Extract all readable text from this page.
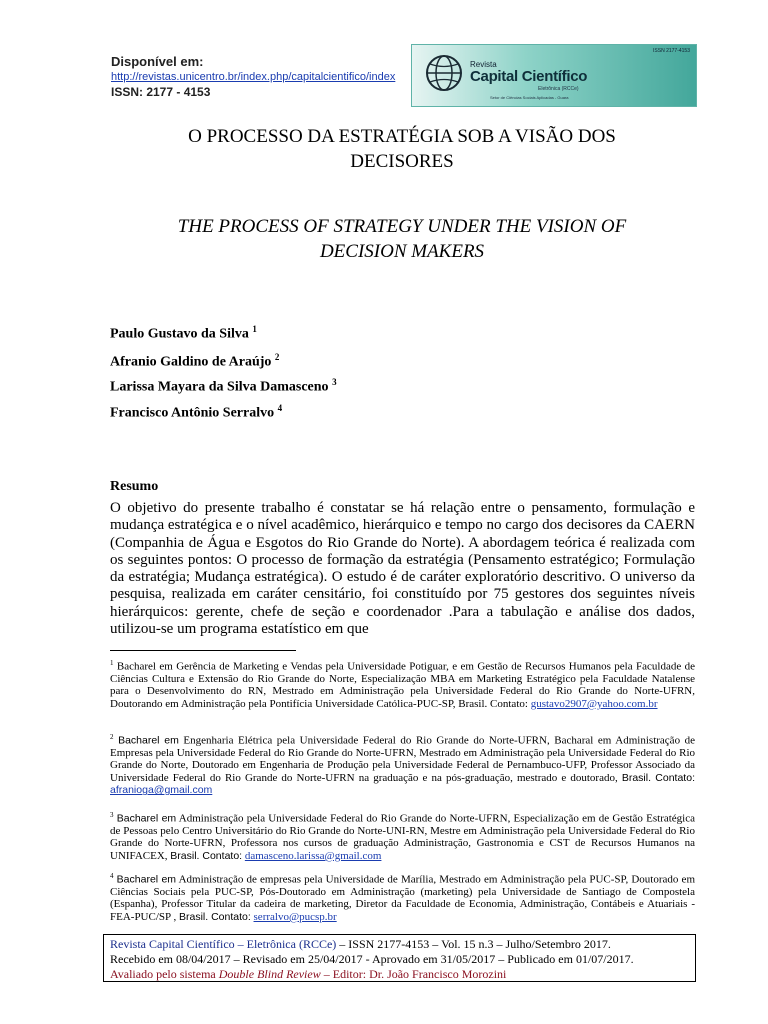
Disponível em:
http://revistas.unicentro.br/index.php/capitalcientifico/index
ISSN: 2177 - 4153
ISSN 2177-4153
Revista
Capital Científico
Eletrônica (RCCe)
Setor de Ciências Sociais Aplicadas - Guara
O PROCESSO DA ESTRATÉGIA SOB A VISÃO DOS
DECISORES
THE PROCESS OF STRATEGY UNDER THE VISION OF
DECISION MAKERS
Paulo Gustavo da Silva $^1$
Afranio Galdino de Araújo $^2$
Larissa Mayara da Silva Damasceno $^3$
Francisco Antônio Serralvo $^4$
Resumo

O objetivo do presente trabalho é constatar se há relação entre o pensamento, formulação e mudança estratégica e o nível acadêmico, hierárquico e tempo no cargo dos decisores da CAERN (Companhia de Água e Esgotos do Rio Grande do Norte). A abordagem teórica é realizada com os seguintes pontos: O processo de formação da estratégia (Pensamento estratégico; Formulação da estratégia; Mudança estratégica). O estudo é de caráter exploratório descritivo. O universo da pesquisa, realizada em caráter censitário, foi constituído por 75 gestores dos seguintes níveis hierárquicos: gerente, chefe de seção e coordenador .Para a tabulação e análise dos dados, utilizou-se um programa estatístico em que

$^1$ Bacharel em Gerência de Marketing e Vendas pela Universidade Potiguar, e em Gestão de Recursos Humanos pela Faculdade de Ciências Cultura e Extensão do Rio Grande do Norte, Especialização MBA em Marketing Estratégico pela Faculdade Natalense para o Desenvolvimento do RN, Mestrado em Administração pela Universidade Federal do Rio Grande do Norte-UFRN, Doutorando em Administração pela Pontifícia Universidade Católica-PUC-SP, Brasil. Contato: gustavo2907@yahoo.com.br

$^2$ Bacharel em Engenharia Elétrica pela Universidade Federal do Rio Grande do Norte-UFRN, Bacharal em Administração de Empresas pela Universidade Federal do Rio Grande do Norte-UFRN, Mestrado em Administração pela Universidade Federal do Rio Grande do Norte, Doutorado em Engenharia de Produção pela Universidade Federal de Pernambuco-UFP, Professor Associado da Universidade Federal do Rio Grande do Norte-UFRN na graduação e na pós-graduação, mestrado e doutorado, Brasil. Contato: afranioga@gmail.com

$^3$ Bacharel em Administração pela Universidade Federal do Rio Grande do Norte-UFRN, Especialização em de Gestão Estratégica de Pessoas pelo Centro Universitário do Rio Grande do Norte-UNI-RN, Mestre em Administração pela Universidade Federal do Rio Grande do Norte-UFRN, Professora nos cursos de graduação Administração, Gastronomia e CST de Recursos Humanos na UNIFACEX, Brasil. Contato: damasceno.larissa@gmail.com

$^4$ Bacharel em Administração de empresas pela Universidade de Marília, Mestrado em Administração pela PUC-SP, Doutorado em Ciências Sociais pela PUC-SP, Pós-Doutorado em Administração (marketing) pela Universidade de Santiago de Compostela (Espanha), Professor Titular da cadeira de marketing, Diretor da Faculdade de Economia, Administração, Contábeis e Atuariais - FEA-PUC/SP , Brasil. Contato: serralvo@pucsp.br

Revista Capital Científico – Eletrônica (RCCe) – ISSN 2177-4153 – Vol. 15 n.3 – Julho/Setembro 2017.
Recebido em 08/04/2017 – Revisado em 25/04/2017 - Aprovado em 31/05/2017 – Publicado em 01/07/2017.
Avaliado pelo sistema Double Blind Review – Editor: Dr. João Francisco Morozini
